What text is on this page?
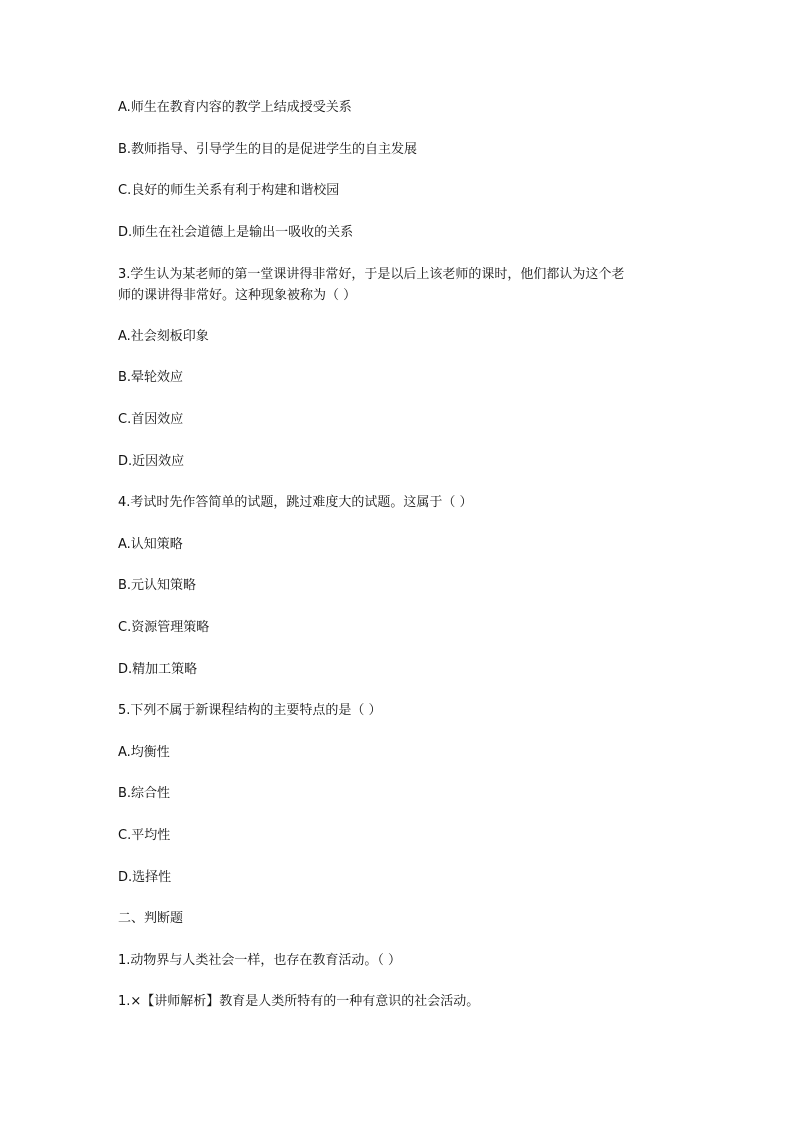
A.师生在教育内容的教学上结成授受关系
B.教师指导、引导学生的目的是促进学生的自主发展
C.良好的师生关系有利于构建和谐校园
D.师生在社会道德上是输出一吸收的关系
3.学生认为某老师的第一堂课讲得非常好，于是以后上该老师的课时，他们都认为这个老
师的课讲得非常好。这种现象被称为（ ）
A.社会刻板印象
B.晕轮效应
C.首因效应
D.近因效应
4.考试时先作答简单的试题，跳过难度大的试题。这属于（ ）
A.认知策略
B.元认知策略
C.资源管理策略
D.精加工策略
5.下列不属于新课程结构的主要特点的是（ ）
A.均衡性
B.综合性
C.平均性
D.选择性
二、判断题
1.动物界与人类社会一样，也存在教育活动。（ ）
1.×【讲师解析】教育是人类所特有的一种有意识的社会活动。
